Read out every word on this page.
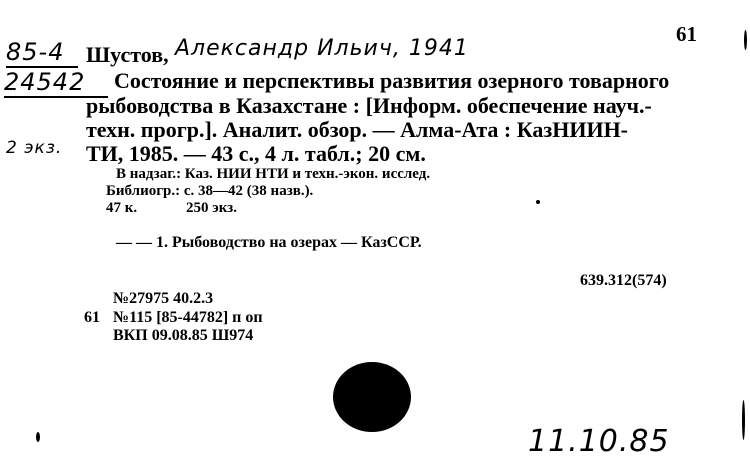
61
85-4
24542
2 экз.
Шустов, Александр Ильич, 1941
Состояние и перспективы развития озерного товарного
рыбоводства в Казахстане : [Информ. обеспечение науч.-
техн. прогр.]. Аналит. обзор. — Алма-Ата : КазНИИН-
ТИ, 1985. — 43 с., 4 л. табл.; 20 см.
В надзаг.: Каз. НИИ НТИ и техн.-экон. исслед.
Библиогр.: с. 38—42 (38 назв.).
47 к.	250 экз.
— — 1. Рыбоводство на озерах — КазССР.
639.312(574)
№27975 40.2.3
61 №115 [85-44782] п оп
ВКП 09.08.85 Ш974
11.10.85
